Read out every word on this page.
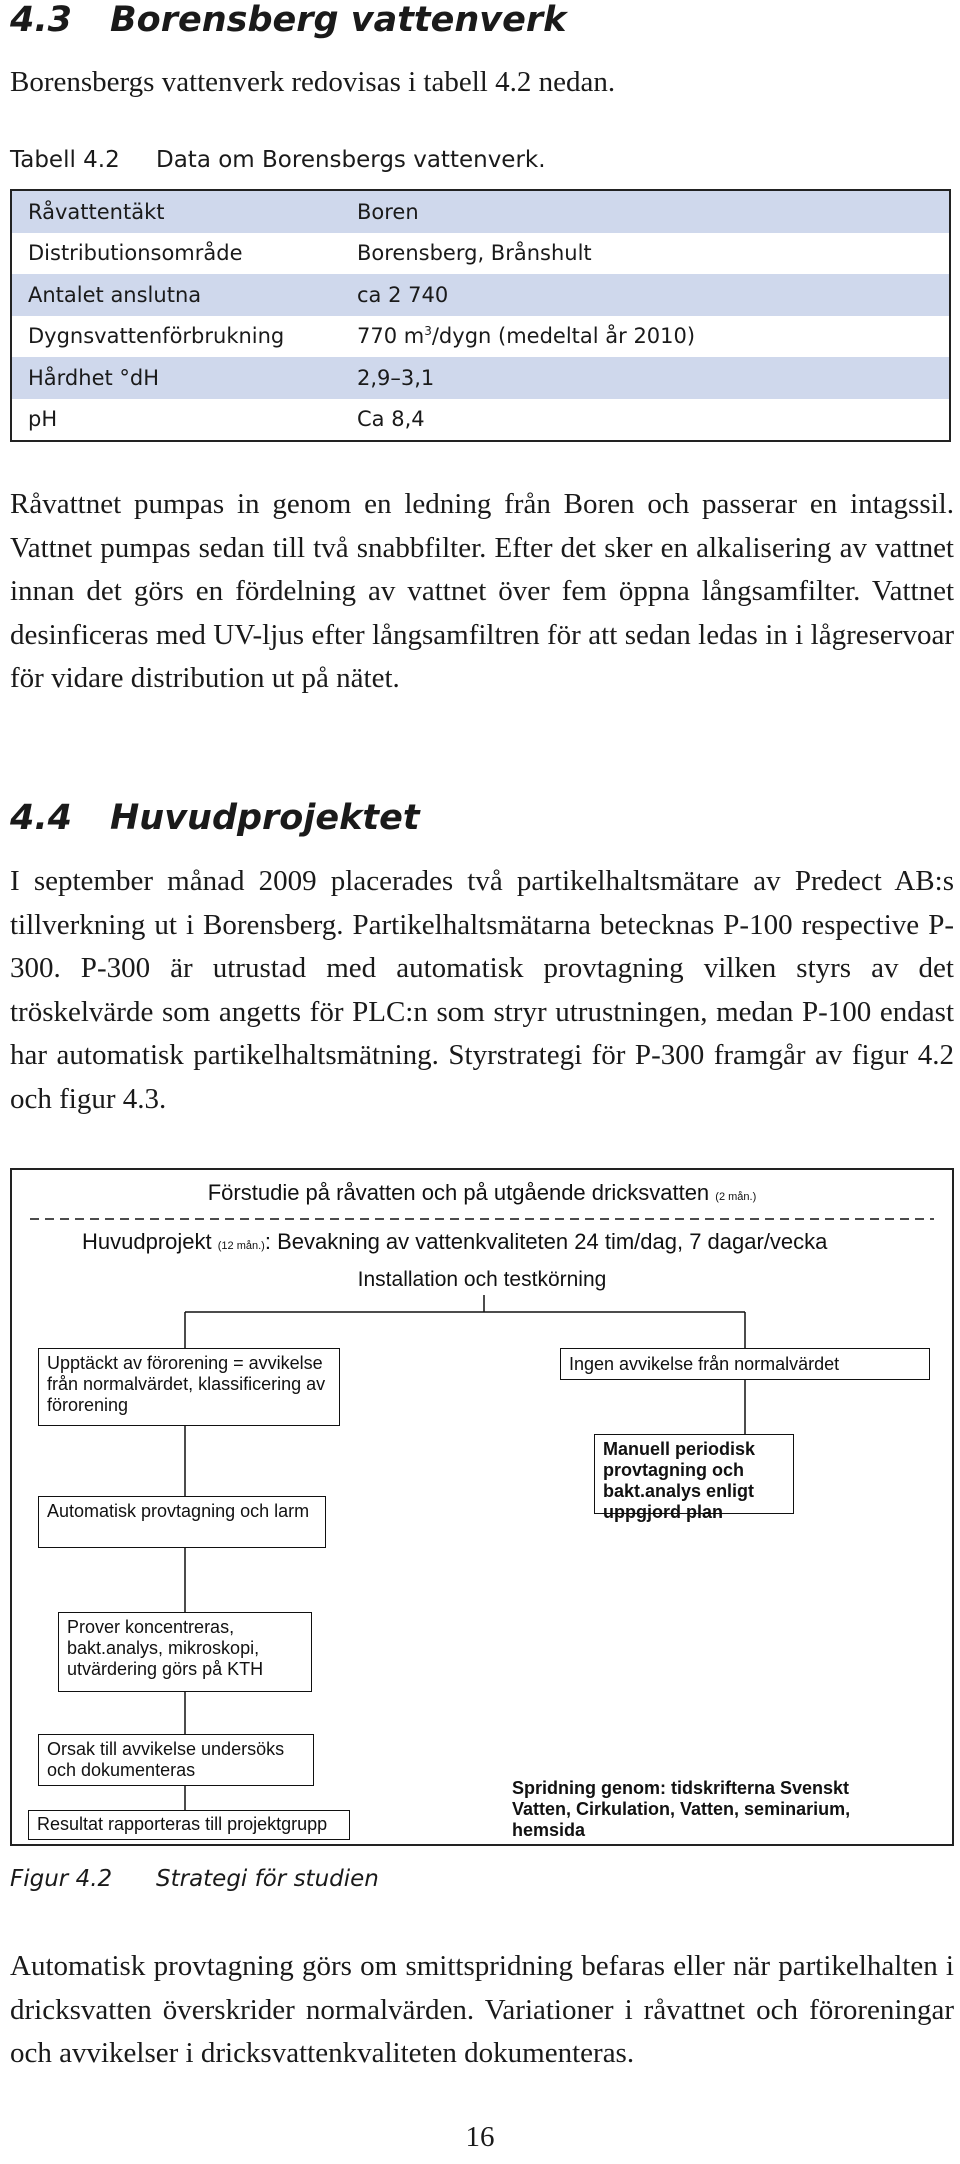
4.3 Borensberg vattenverk

Borensbergs vattenverk redovisas i tabell 4.2 nedan.

Tabell 4.2 Data om Borensbergs vattenverk.
Råvattentäkt	Boren
Distributionsområde	Borensberg, Brånshult
Antalet anslutna	ca 2 740
Dygnsvattenförbrukning	770 $m^3$/dygn (medeltal år 2010)
Hårdhet °dH	2,9–3,1
pH	Ca 8,4

Råvattnet pumpas in genom en ledning från Boren och passerar en intagssil. Vattnet pumpas sedan till två snabbfilter. Efter det sker en alkalisering av vattnet innan det görs en fördelning av vattnet över fem öppna långsamfilter. Vattnet desinficeras med UV-ljus efter långsamfiltren för att sedan ledas in i lågreservoar för vidare distribution ut på nätet.

4.4 Huvudprojektet

I september månad 2009 placerades två partikelhaltsmätare av Predect AB:s tillverkning ut i Borensberg. Partikelhaltsmätarna betecknas P-100 respective P-300. P-300 är utrustad med automatisk provtagning vilken styrs av det tröskelvärde som angetts för PLC:n som stryr utrustningen, medan P-100 endast har automatisk partikelhaltsmätning. Styrstrategi för P-300 framgår av figur 4.2 och figur 4.3.

Förstudie på råvatten och på utgående dricksvatten (2 mån.)
Huvudprojekt (12 mån.): Bevakning av vattenkvaliteten 24 tim/dag, 7 dagar/vecka
Installation och testkörning
Upptäckt av förorening = avvikelse från normalvärdet, klassificering av förorening
Automatisk provtagning och larm
Prover koncentreras, bakt.analys, mikroskopi, utvärdering görs på KTH
Orsak till avvikelse undersöks och dokumenteras
Resultat rapporteras till projektgrupp
Ingen avvikelse från normalvärdet
Manuell periodisk provtagning och bakt.analys enligt uppgjord plan
Spridning genom: tidskrifterna Svenskt Vatten, Cirkulation, Vatten, seminarium, hemsida
Figur 4.2 Strategi för studien

Automatisk provtagning görs om smittspridning befaras eller när partikelhalten i dricksvatten överskrider normalvärden. Variationer i råvattnet och föroreningar och avvikelser i dricksvattenkvaliteten dokumenteras.

16
